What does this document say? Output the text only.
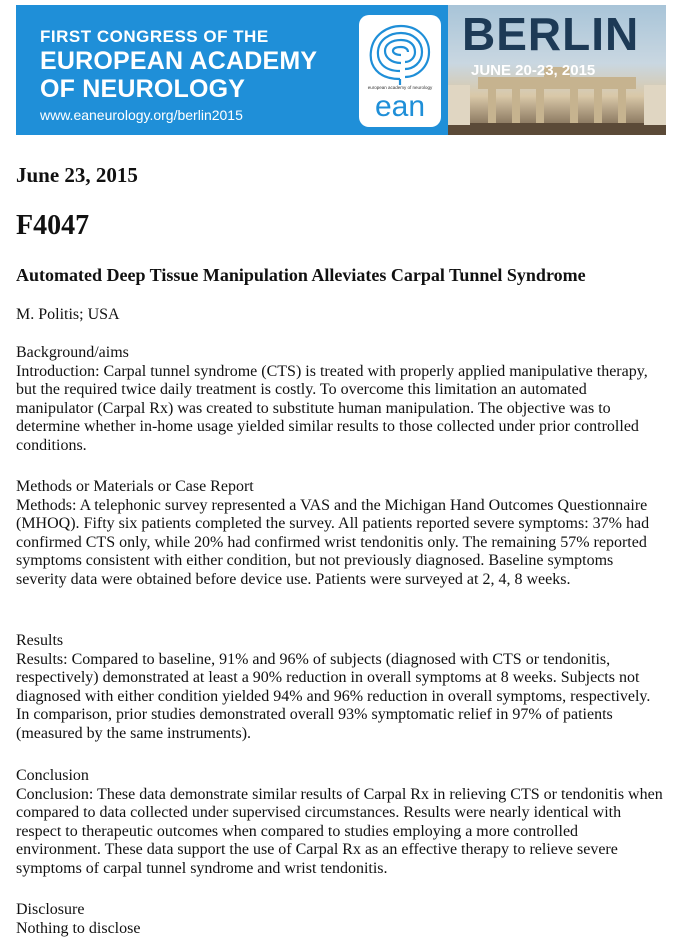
FIRST CONGRESS OF THE
EUROPEAN ACADEMY
OF NEUROLOGY
www.eaneurology.org/berlin2015
european academy of neurology
ean
BERLIN
JUNE 20-23, 2015
June 23, 2015
F4047
Automated Deep Tissue Manipulation Alleviates Carpal Tunnel Syndrome
M. Politis; USA

Background/aims

Introduction: Carpal tunnel syndrome (CTS) is treated with properly applied manipulative therapy, but the required twice daily treatment is costly. To overcome this limitation an automated manipulator (Carpal Rx) was created to substitute human manipulation. The objective was to determine whether in-home usage yielded similar results to those collected under prior controlled conditions.

Methods or Materials or Case Report

Methods: A telephonic survey represented a VAS and the Michigan Hand Outcomes Questionnaire (MHOQ). Fifty six patients completed the survey. All patients reported severe symptoms: 37% had confirmed CTS only, while 20% had confirmed wrist tendonitis only. The remaining 57% reported symptoms consistent with either condition, but not previously diagnosed. Baseline symptoms severity data were obtained before device use. Patients were surveyed at 2, 4, 8 weeks.

Results

Results: Compared to baseline, 91% and 96% of subjects (diagnosed with CTS or tendonitis, respectively) demonstrated at least a 90% reduction in overall symptoms at 8 weeks. Subjects not diagnosed with either condition yielded 94% and 96% reduction in overall symptoms, respectively. In comparison, prior studies demonstrated overall 93% symptomatic relief in 97% of patients (measured by the same instruments).

Conclusion

Conclusion: These data demonstrate similar results of Carpal Rx in relieving CTS or tendonitis when compared to data collected under supervised circumstances. Results were nearly identical with respect to therapeutic outcomes when compared to studies employing a more controlled environment. These data support the use of Carpal Rx as an effective therapy to relieve severe symptoms of carpal tunnel syndrome and wrist tendonitis.

Disclosure

Nothing to disclose
